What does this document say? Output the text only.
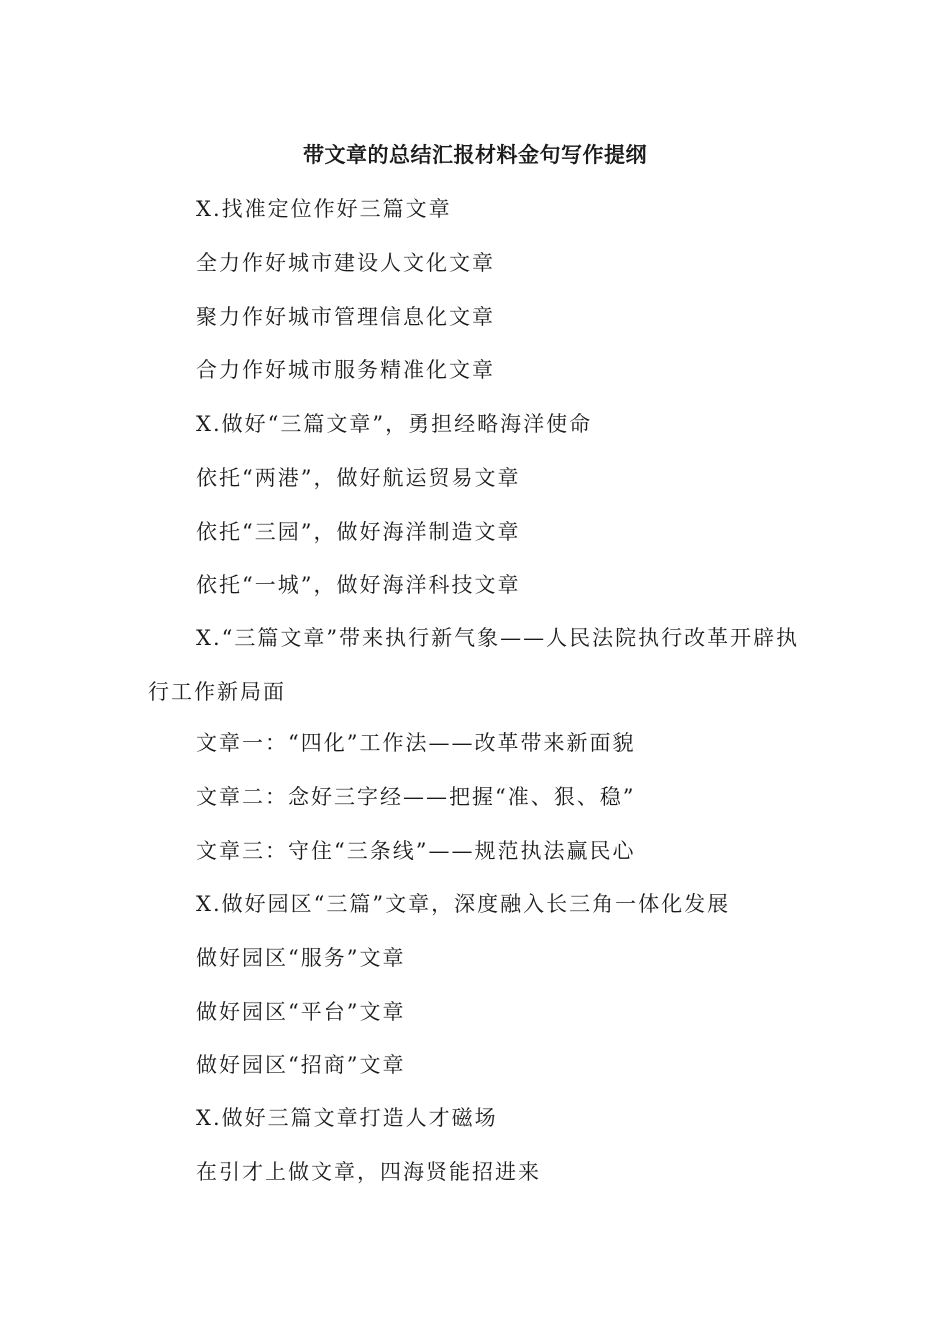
带文章的总结汇报材料金句写作提纲
X.找准定位作好三篇文章
全力作好城市建设人文化文章
聚力作好城市管理信息化文章
合力作好城市服务精准化文章
X.做好“三篇文章”，勇担经略海洋使命
依托“两港”，做好航运贸易文章
依托“三园”，做好海洋制造文章
依托“一城”，做好海洋科技文章
X.“三篇文章”带来执行新气象——人民法院执行改革开辟执行工作新局面
文章一：“四化”工作法——改革带来新面貌
文章二：念好三字经——把握“准、狠、稳”
文章三：守住“三条线”——规范执法赢民心
X.做好园区“三篇”文章，深度融入长三角一体化发展
做好园区“服务”文章
做好园区“平台”文章
做好园区“招商”文章
X.做好三篇文章打造人才磁场
在引才上做文章，四海贤能招进来
